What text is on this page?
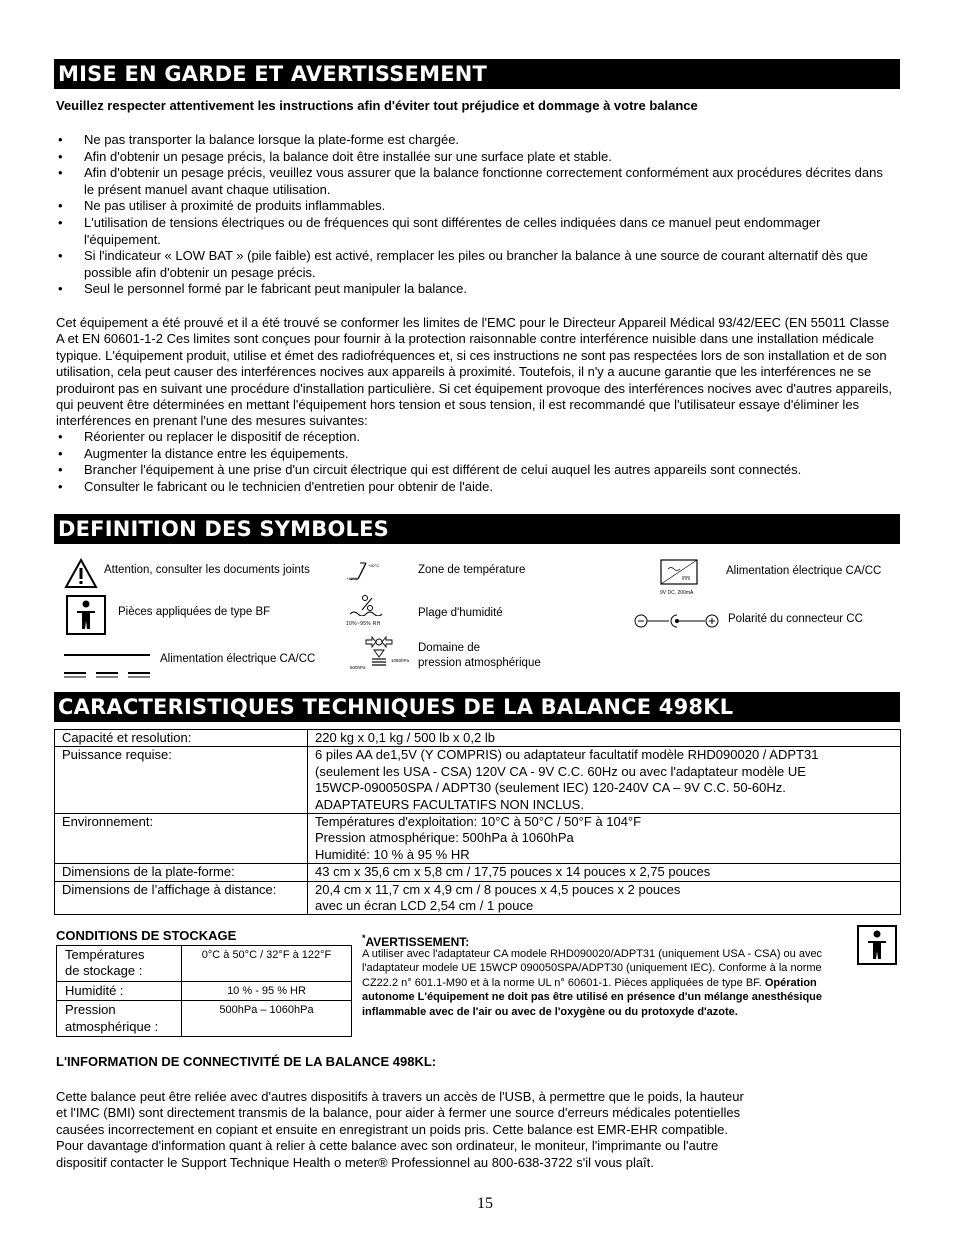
MISE EN GARDE ET AVERTISSEMENT
Veuillez respecter attentivement les instructions afin d'éviter tout préjudice et dommage à votre balance
• Ne pas transporter la balance lorsque la plate-forme est chargée.
• Afin d'obtenir un pesage précis, la balance doit être installée sur une surface plate et stable.
• Afin d'obtenir un pesage précis, veuillez vous assurer que la balance fonctionne correctement conformément aux procédures décrites dans le présent manuel avant chaque utilisation.
• Ne pas utiliser à proximité de produits inflammables.
• L'utilisation de tensions électriques ou de fréquences qui sont différentes de celles indiquées dans ce manuel peut endommager l'équipement.
• Si l'indicateur « LOW BAT » (pile faible) est activé, remplacer les piles ou brancher la balance à une source de courant alternatif dès que possible afin d'obtenir un pesage précis.
• Seul le personnel formé par le fabricant peut manipuler la balance.
Cet équipement a été prouvé et il a été trouvé se conformer les limites de l'EMC pour le Directeur Appareil Médical 93/42/EEC (EN 55011 Classe A et EN 60601-1-2 Ces limites sont conçues pour fournir à la protection raisonnable contre interférence nuisible dans une installation médicale typique. L'équipement produit, utilise et émet des radiofréquences et, si ces instructions ne sont pas respectées lors de son installation et de son utilisation, cela peut causer des interférences nocives aux appareils à proximité. Toutefois, il n'y a aucune garantie que les interférences ne se produiront pas en suivant une procédure d'installation particulière. Si cet équipement provoque des interférences nocives avec d'autres appareils, qui peuvent être déterminées en mettant l'équipement hors tension et sous tension, il est recommandé que l'utilisateur essaye d'éliminer les interférences en prenant l'une des mesures suivantes:
• Réorienter ou replacer le dispositif de réception.
• Augmenter la distance entre les équipements.
• Brancher l'équipement à une prise d'un circuit électrique qui est différent de celui auquel les autres appareils sont connectés.
• Consulter le fabricant ou le technicien d'entretien pour obtenir de l'aide.
DEFINITION DES SYMBOLES
Attention, consulter les documents joints
Pièces appliquées de type BF
Alimentation électrique CA/CC
+50°C
+10°C
Zone de température
10%~95% RH
Plage d'humidité
500hPa
1060hPa
Domaine de
pression atmosphérique
9V DC, 200mA
Alimentation électrique CA/CC
Polarité du connecteur CC
CARACTERISTIQUES TECHNIQUES DE LA BALANCE 498KL
Capacité et resolution:	220 kg x 0,1 kg / 500 lb x 0,2 lb

Puissance requise:	6 piles AA de1,5V (Y COMPRIS) ou adaptateur facultatif modèle RHD090020 / ADPT31
(seulement les USA - CSA) 120V CA - 9V C.C. 60Hz ou avec l'adaptateur modèle UE
15WCP-090050SPA / ADPT30 (seulement IEC) 120-240V CA – 9V C.C. 50-60Hz.
ADAPTATEURS FACULTATIFS NON INCLUS.

Environnement:	Températures d'exploitation: 10°C à 50°C / 50°F à 104°F
Pression atmosphérique: 500hPa à 1060hPa
Humidité: 10 % à 95 % HR

Dimensions de la plate-forme:	43 cm x 35,6 cm x 5,8 cm / 17,75 pouces x 14 pouces x 2,75 pouces

Dimensions de l’affichage à distance:	20,4 cm x 11,7 cm x 4,9 cm / 8 pouces x 4,5 pouces x 2 pouces
avec un écran LCD 2,54 cm / 1 pouce
CONDITIONS DE STOCKAGE
Températures
de stockage :	0°C à 50°C / 32°F à 122°F

Humidité :	10 % - 95 % HR

Pression
atmosphérique :	500hPa – 1060hPa
*AVERTISSEMENT:
A utiliser avec l'adaptateur CA modele RHD090020/ADPT31 (uniquement USA - CSA) ou avec l'adaptateur modele UE 15WCP 090050SPA/ADPT30 (uniquement IEC). Conforme à la norme CZ22.2 n° 601.1-M90 et à la norme UL n° 60601-1. Pièces appliquées de type BF. Opération autonome L'équipement ne doit pas être utilisé en présence d'un mélange anesthésique inflammable avec de l'air ou avec de l'oxygène ou du protoxyde d'azote.
L'INFORMATION DE CONNECTIVITÉ DE LA BALANCE 498KL:
Cette balance peut être reliée avec d'autres dispositifs à travers un accès de l'USB, à permettre que le poids, la hauteur
et l'IMC (BMI) sont directement transmis de la balance, pour aider à fermer une source d'erreurs médicales potentielles
causées incorrectement en copiant et ensuite en enregistrant un poids pris. Cette balance est EMR-EHR compatible.
Pour davantage d'information quant à relier à cette balance avec son ordinateur, le moniteur, l'imprimante ou l'autre
dispositif contacter le Support Technique Health o meter® Professionnel au 800-638-3722 s'il vous plaît.
15
